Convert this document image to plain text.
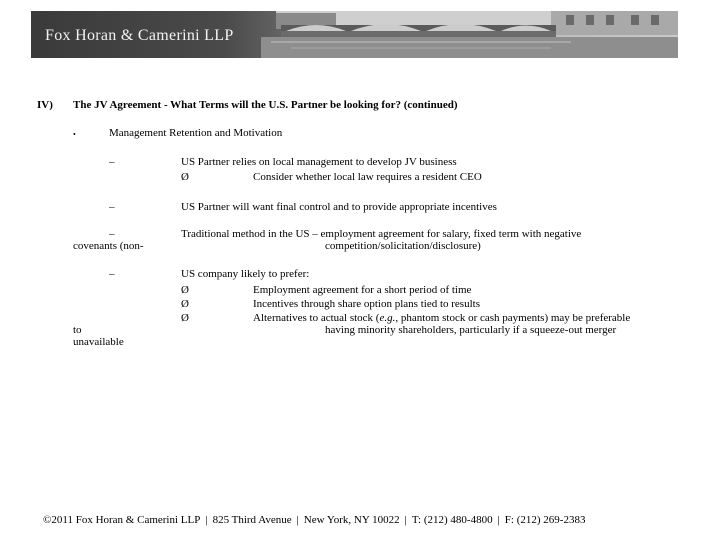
Fox Horan & Camerini LLP
IV) The JV Agreement - What Terms will the U.S. Partner be looking for? (continued)
•	Management Retention and Motivation
–	US Partner relies on local management to develop JV business
Ø	Consider whether local law requires a resident CEO
–	US Partner will want final control and to provide appropriate incentives
–	Traditional method in the US – employment agreement for salary, fixed term with negative
covenants (non-	competition/solicitation/disclosure)
–	US company likely to prefer:
Ø	Employment agreement for a short period of time
Ø	Incentives through share option plans tied to results
Ø	Alternatives to actual stock (e.g., phantom stock or cash payments) may be preferable
to	having minority shareholders, particularly if a squeeze-out merger
unavailable
©2011 Fox Horan & Camerini LLP | 825 Third Avenue | New York, NY 10022 | T: (212) 480-4800 | F: (212) 269-2383
